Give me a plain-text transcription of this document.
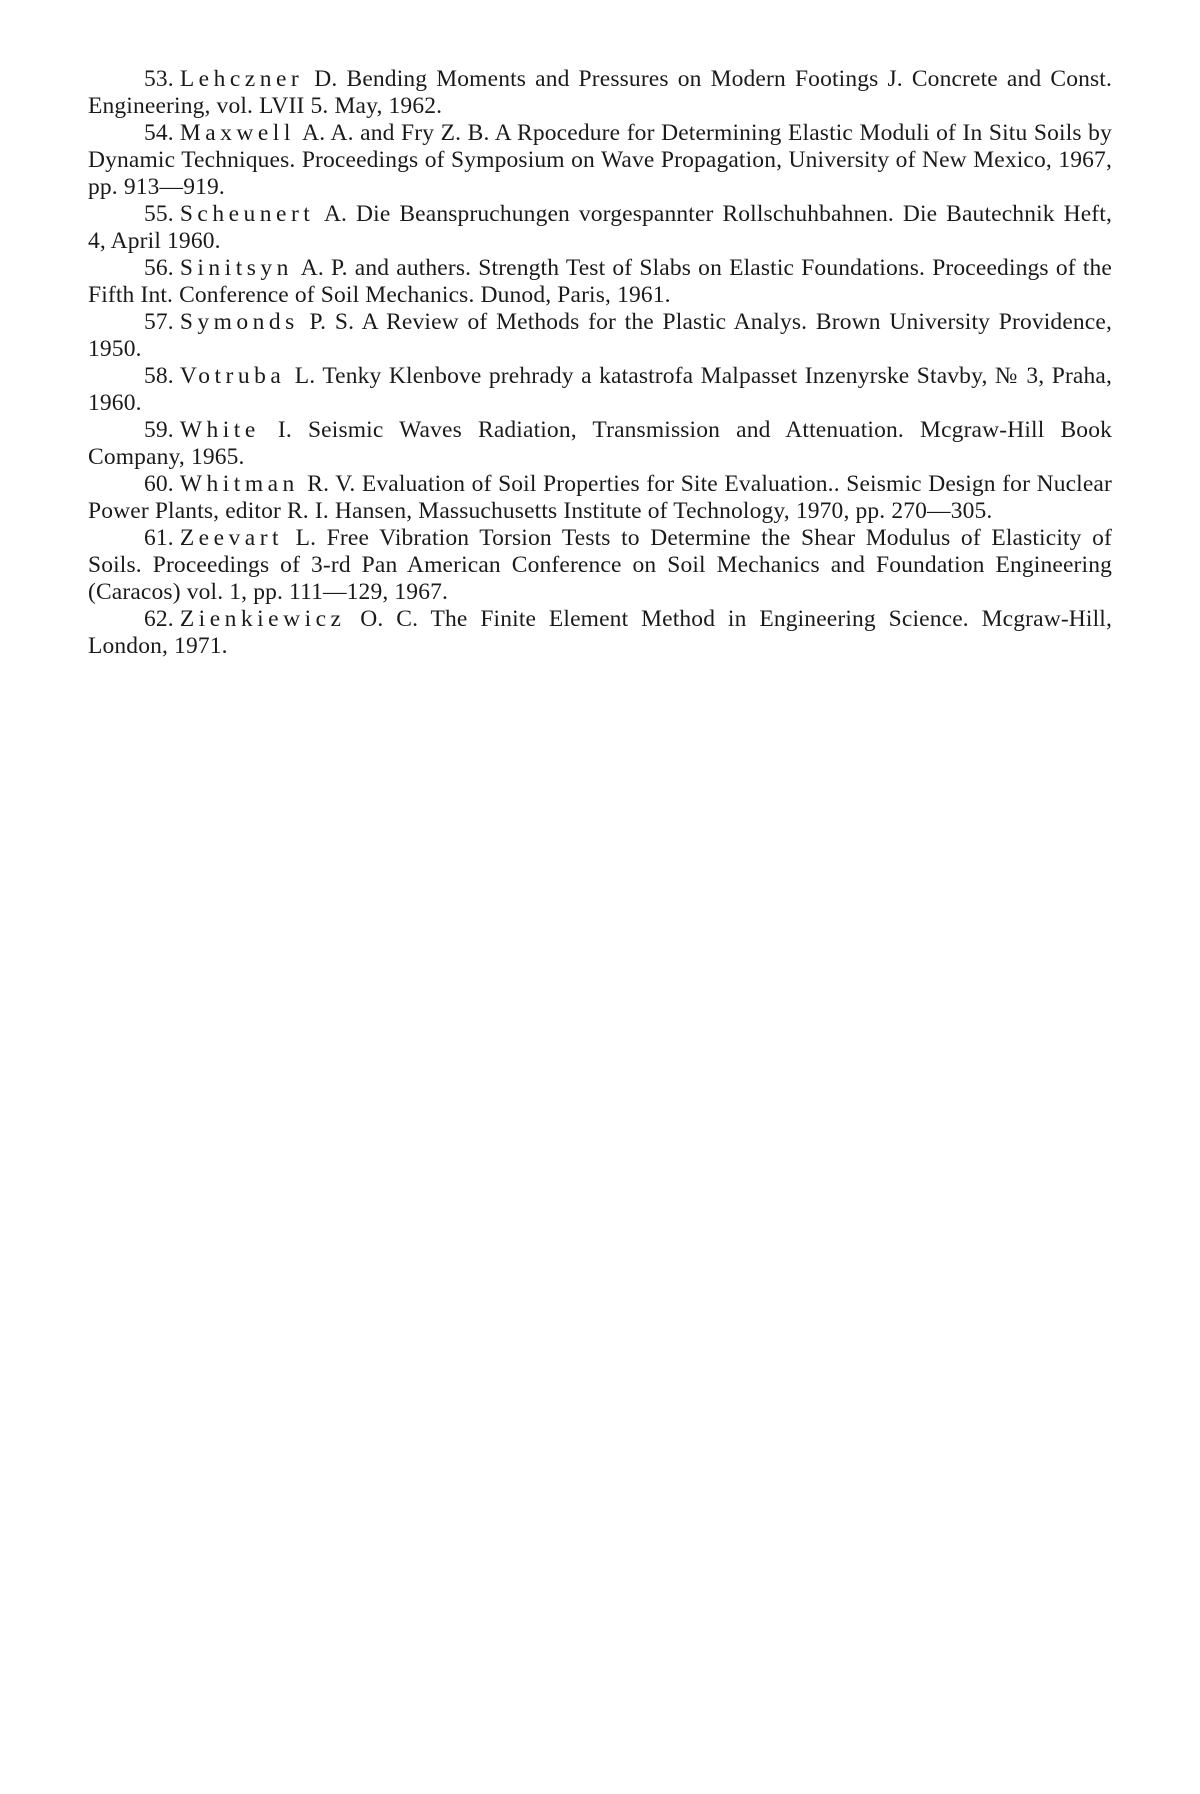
53. Lehczner D. Bending Moments and Pressures on Modern Footings J. Concrete and Const. Engineering, vol. LVII 5. May, 1962.

54. Maxwell A. A. and Fry Z. B. A Rpocedure for Determining Elastic Moduli of In Situ Soils by Dynamic Techniques. Proceedings of Symposium on Wave Propagation, University of New Mexico, 1967, pp. 913—919.

55. Scheunert A. Die Beanspruchungen vorgespannter Rollschuhbahnen. Die Bautechnik Heft, 4, April 1960.

56. Sinitsyn A. P. and authers. Strength Test of Slabs on Elastic Foundations. Proceedings of the Fifth Int. Conference of Soil Mechanics. Dunod, Paris, 1961.

57. Symonds P. S. A Review of Methods for the Plastic Analys. Brown University Providence, 1950.

58. Votruba L. Tenky Klenbove prehrady a katastrofa Malpasset Inzenyrske Stavby, № 3, Praha, 1960.

59. White I. Seismic Waves Radiation, Transmission and Attenuation. Mcgraw-Hill Book Company, 1965.

60. Whitman R. V. Evaluation of Soil Properties for Site Evaluation.. Seismic Design for Nuclear Power Plants, editor R. I. Hansen, Massuchusetts Institute of Technology, 1970, pp. 270—305.

61. Zeevart L. Free Vibration Torsion Tests to Determine the Shear Modulus of Elasticity of Soils. Proceedings of 3-rd Pan American Conference on Soil Mechanics and Foundation Engineering (Caracos) vol. 1, pp. 111—129, 1967.

62. Zienkiewicz O. C. The Finite Element Method in Engineering Science. Mcgraw-Hill, London, 1971.
